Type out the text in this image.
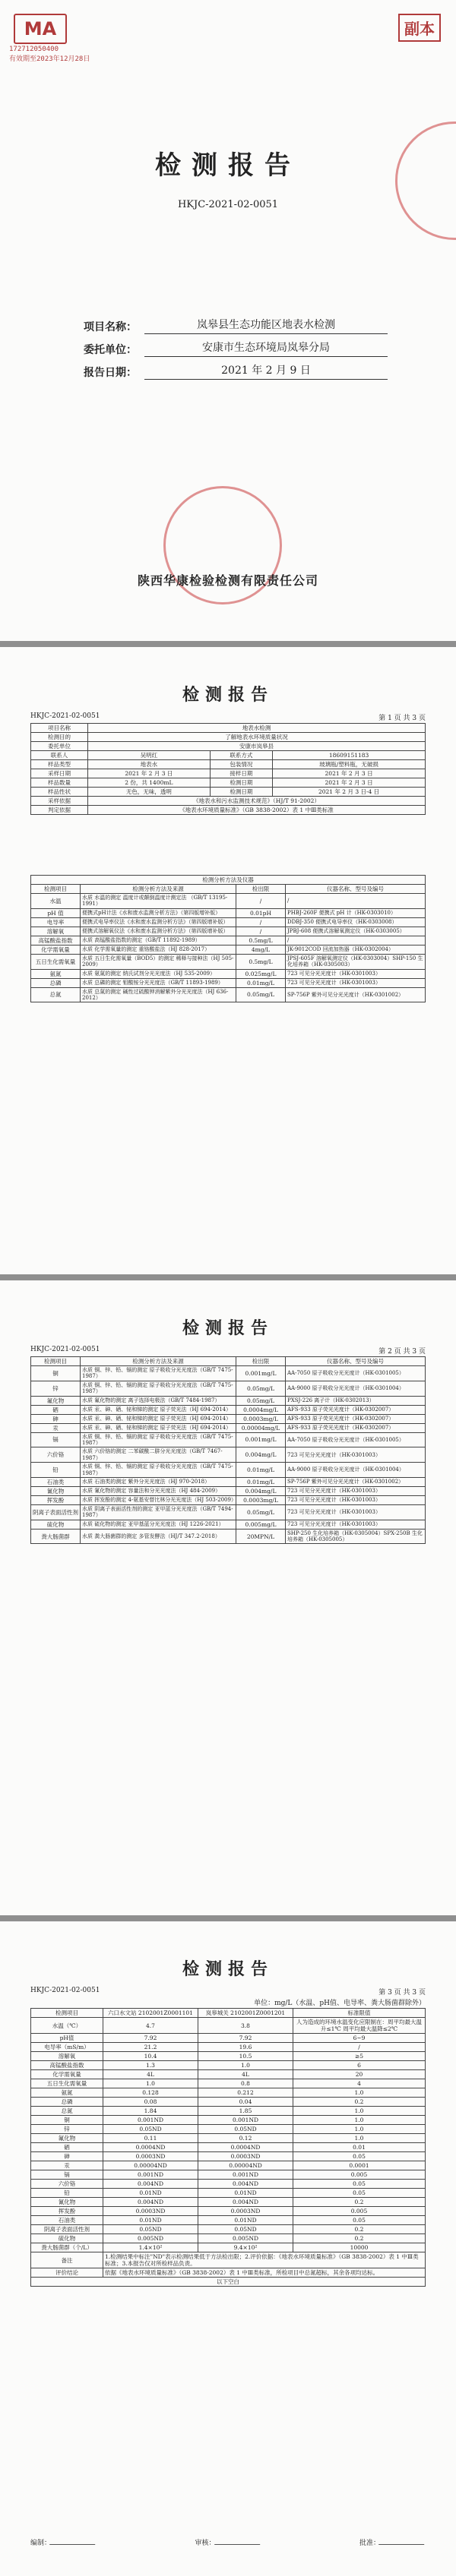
MA
172712050400
有效期至2023年12月28日
副本
检测报告
HKJC-2021-02-0051
项目名称：	岚皋县生态功能区地表水检测
委托单位：	安康市生态环境局岚皋分局
报告日期：	2021 年 2 月 9 日
陕西华康检验检测有限责任公司
检测报告
HKJC-2021-02-0051	第 1 页 共 3 页
项目名称	地表水检测		
检测目的	了解地表水环境质量状况		
委托单位	安康市岚皋县		
联系人	吴明红	联系方式	18609151183
样品类型	地表水	包装情况	玻璃瓶/塑料瓶，无破损
采样日期	2021 年 2 月 3 日	接样日期	2021 年 2 月 3 日
样品数量	2 份，共 1400mL	检测日期	2021 年 2 月 3 日
样品性状	无色，无味，透明	检测日期	2021 年 2 月 3 日-4 日
采样依据	《地表水和污水监测技术规范》（HJ/T 91-2002）		
判定依据	《地表水环境质量标准》（GB 3838-2002）表 1 中Ⅲ类标准		
检测分析方法及仪器			
检测项目	检测分析方法及来源	检出限	仪器名称、型号及编号
水温	水质 水温的测定 温度计或颠倒温度计测定法 （GB/T 13195-1991）	/	/
pH 值	便携式pH计法《水和废水监测分析方法》（第四版增补版）	0.01pH	PHBJ-260F 便携式 pH 计（HK-0303010）
电导率	便携式电导率仪法《水和废水监测分析方法》（第四版增补版）	/	DDBJ-350 便携式电导率仪（HK-0303008）
溶解氧	便携式溶解氧仪法《水和废水监测分析方法》（第四版增补版）	/	JPBJ-608 便携式溶解氧测定仪（HK-0303005）
高锰酸盐指数	水质 高锰酸盐指数的测定（GB/T 11892-1989）	0.5mg/L	/
化学需氧量	水质 化学需氧量的测定 重铬酸盐法（HJ 828-2017）	4mg/L	JK-9012COD 回流加热器（HK-0302004）
五日生化需氧量	水质 五日生化需氧量（BOD5）的测定 稀释与接种法（HJ 505-2009）	0.5mg/L	JPSJ-605F 溶解氧测定仪（HK-0303004）SHP-150 生化培养箱（HK-0305003）
氨氮	水质 氨氮的测定 纳氏试剂分光光度法（HJ 535-2009）	0.025mg/L	723 可见分光光度计（HK-0301003）
总磷	水质 总磷的测定 钼酸铵分光光度法（GB/T 11893-1989）	0.01mg/L	723 可见分光光度计（HK-0301003）
总氮	水质 总氮的测定 碱性过硫酸钾消解紫外分光光度法（HJ 636-2012）	0.05mg/L	SP-756P 紫外可见分光光度计（HK-0301002）
检测报告
HKJC-2021-02-0051	第 2 页 共 3 页
检测项目	检测分析方法及来源	检出限	仪器名称、型号及编号
铜	水质 铜、锌、铅、镉的测定 原子吸收分光光度法（GB/T 7475-1987）	0.001mg/L	AA-7050 原子吸收分光光度计（HK-0301005）
锌	水质 铜、锌、铅、镉的测定 原子吸收分光光度法（GB/T 7475-1987）	0.05mg/L	AA-9000 原子吸收分光光度计（HK-0301004）
氟化物	水质 氟化物的测定 离子选择电极法（GB/T 7484-1987）	0.05mg/L	PXSJ-226 离子计（HK-0302013）
硒	水质 汞、砷、硒、铋和锑的测定 原子荧光法（HJ 694-2014）	0.0004mg/L	AFS-933 原子荧光光度计（HK-0302007）
砷	水质 汞、砷、硒、铋和锑的测定 原子荧光法（HJ 694-2014）	0.0003mg/L	AFS-933 原子荧光光度计（HK-0302007）
汞	水质 汞、砷、硒、铋和锑的测定 原子荧光法（HJ 694-2014）	0.00004mg/L	AFS-933 原子荧光光度计（HK-0302007）
镉	水质 铜、锌、铅、镉的测定 原子吸收分光光度法（GB/T 7475-1987）	0.001mg/L	AA-7050 原子吸收分光光度计（HK-0301005）
六价铬	水质 六价铬的测定 二苯碳酰二肼分光光度法（GB/T 7467-1987）	0.004mg/L	723 可见分光光度计（HK-0301003）
铅	水质 铜、锌、铅、镉的测定 原子吸收分光光度法（GB/T 7475-1987）	0.01mg/L	AA-9000 原子吸收分光光度计（HK-0301004）
石油类	水质 石油类的测定 紫外分光光度法（HJ 970-2018）	0.01mg/L	SP-756P 紫外可见分光光度计（HK-0301002）
氰化物	水质 氰化物的测定 容量法和分光光度法（HJ 484-2009）	0.004mg/L	723 可见分光光度计（HK-0301003）
挥发酚	水质 挥发酚的测定 4-氨基安替比林分光光度法（HJ 503-2009）	0.0003mg/L	723 可见分光光度计（HK-0301003）
阴离子表面活性剂	水质 阴离子表面活性剂的测定 亚甲蓝分光光度法（GB/T 7494-1987）	0.05mg/L	723 可见分光光度计（HK-0301003）
硫化物	水质 硫化物的测定 亚甲基蓝分光光度法（HJ 1226-2021）	0.005mg/L	723 可见分光光度计（HK-0301003）
粪大肠菌群	水质 粪大肠菌群的测定 多管发酵法（HJ/T 347.2-2018）	20MPN/L	SHP-250 生化培养箱（HK-0305004）SPX-250B 生化培养箱（HK-0305005）
检测报告
HKJC-2021-02-0051	第 3 页 共 3 页
单位：mg/L（水温、pH值、电导率、粪大肠菌群除外）
检测项目	六口水文站 2102001Z0001101	岚皋城关 2102001Z0001201	标准限值
水温（℃）	4.7	3.8	人为造成的环境水温变化应限制在：周平均最大温升≤1℃ 周平均最大温降≤2℃
pH值	7.92	7.92	6~9
电导率（mS/m）	21.2	19.6	/
溶解氧	10.4	10.5	≥5
高锰酸盐指数	1.3	1.0	6
化学需氧量	4L	4L	20
五日生化需氧量	1.0	0.8	4
氨氮	0.128	0.212	1.0
总磷	0.08	0.04	0.2
总氮	1.84	1.85	1.0
铜	0.001ND	0.001ND	1.0
锌	0.05ND	0.05ND	1.0
氟化物	0.11	0.12	1.0
硒	0.0004ND	0.0004ND	0.01
砷	0.0003ND	0.0003ND	0.05
汞	0.00004ND	0.00004ND	0.0001
镉	0.001ND	0.001ND	0.005
六价铬	0.004ND	0.004ND	0.05
铅	0.01ND	0.01ND	0.05
氰化物	0.004ND	0.004ND	0.2
挥发酚	0.0003ND	0.0003ND	0.005
石油类	0.01ND	0.01ND	0.05
阴离子表面活性剂	0.05ND	0.05ND	0.2
硫化物	0.005ND	0.005ND	0.2
粪大肠菌群（个/L）	1.4×10²	9.4×10²	10000
备注	1.检测结果中标注"ND"表示检测结果低于方法检出限；2.评价依据：《地表水环境质量标准》（GB 3838-2002）表 1 中Ⅲ类标准；3.本报告仅对所检样品负责。		
评价结论	依据《地表水环境质量标准》（GB 3838-2002）表 1 中Ⅲ类标准，所检项目中总氮超标，其余各项均达标。		
以下空白			
编制：	审核：	批准：
